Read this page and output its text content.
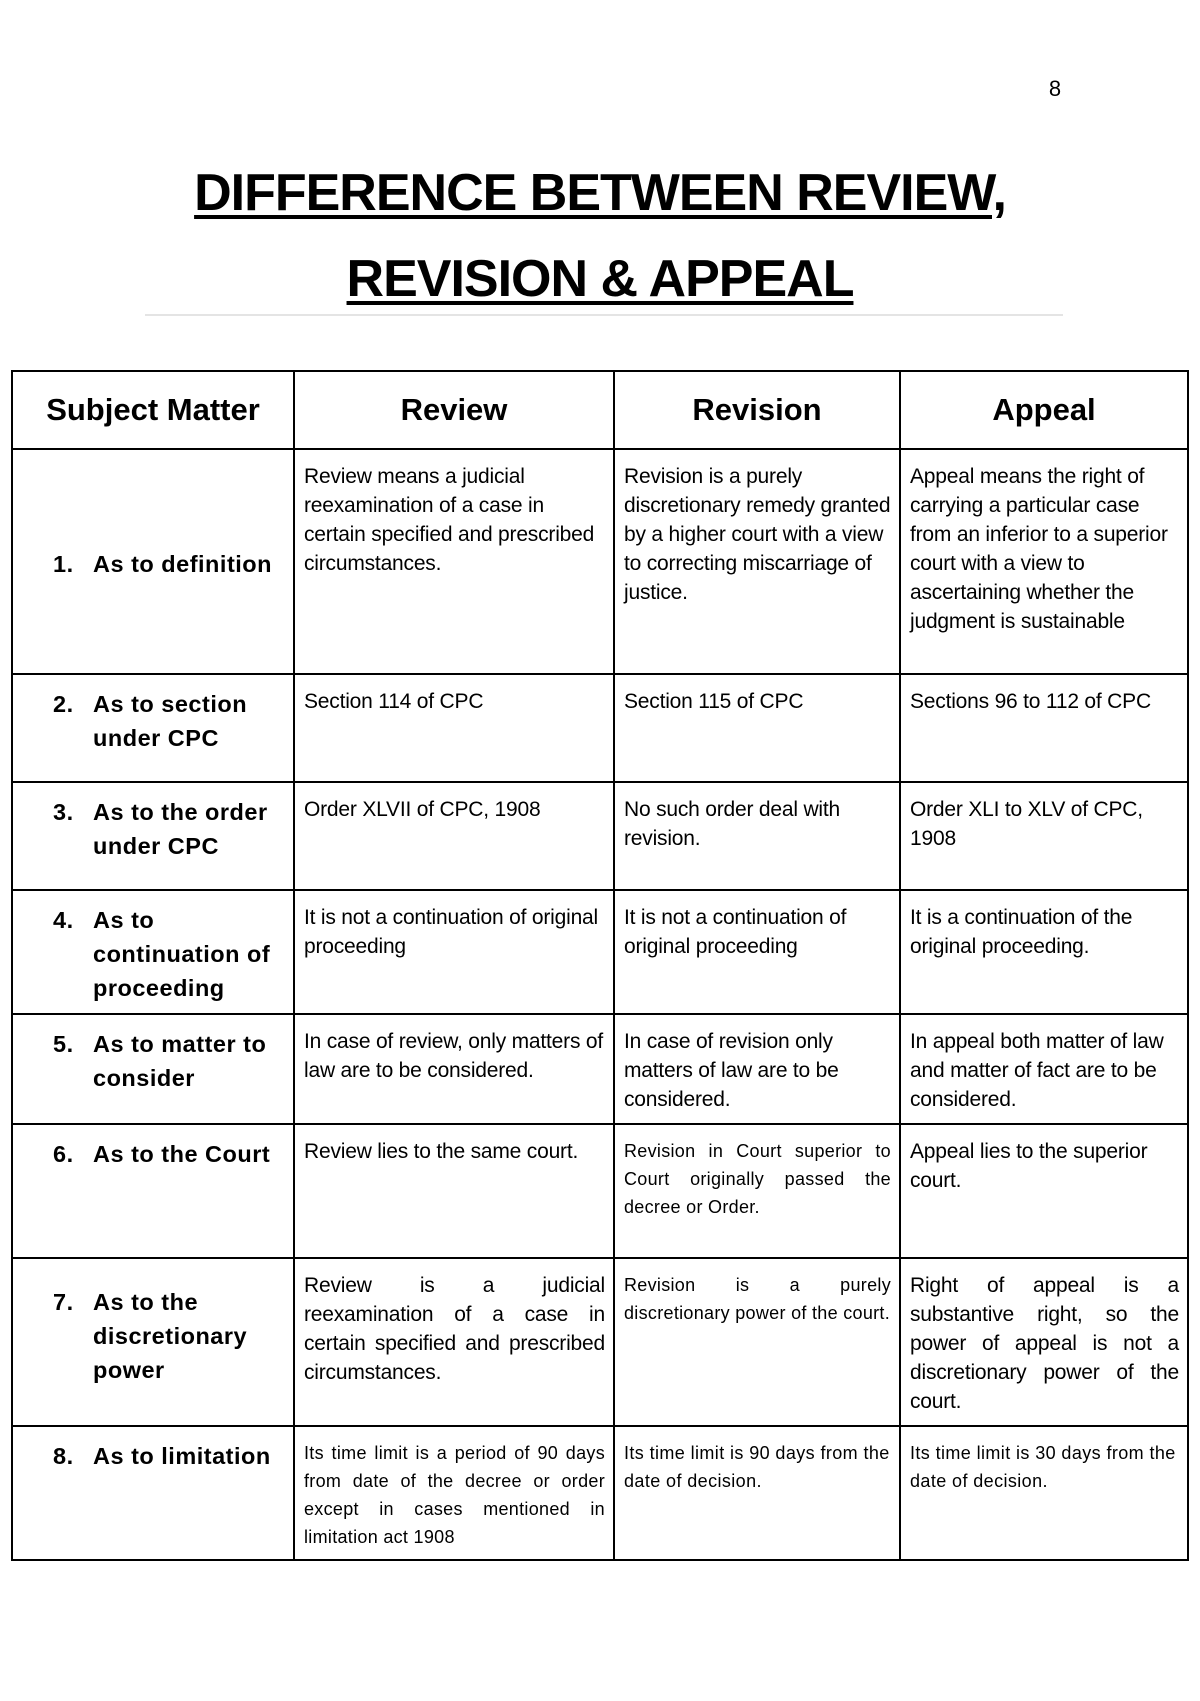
8
DIFFERENCE BETWEEN REVIEW,
REVISION & APPEAL
Subject Matter	Review	Revision	Appeal

1. As to definition	Review means a judicial reexamination of a case in certain specified and prescribed circumstances.	Revision is a purely discretionary remedy granted by a higher court with a view to correcting miscarriage of justice.	Appeal means the right of carrying a particular case from an inferior to a superior court with a view to ascertaining whether the judgment is sustainable

2. As to section under CPC	Section 114 of CPC	Section 115 of CPC	Sections 96 to 112 of CPC

3. As to the order under CPC	Order XLVII of CPC, 1908	No such order deal with revision.	Order XLI to XLV of CPC, 1908

4. As to continuation of proceeding	It is not a continuation of original proceeding	It is not a continuation of original proceeding	It is a continuation of the original proceeding.

5. As to matter to consider	In case of review, only matters of law are to be considered.	In case of revision only matters of law are to be considered.	In appeal both matter of law and matter of fact are to be considered.

6. As to the Court	Review lies to the same court.	Revision in Court superior to Court originally passed the decree or Order.	Appeal lies to the superior court.

7. As to the discretionary power	Review is a judicial reexamination of a case in certain specified and prescribed circumstances.	Revision is a purely discretionary power of the court.	Right of appeal is a substantive right, so the power of appeal is not a discretionary power of the court.

8. As to limitation	Its time limit is a period of 90 days from date of the decree or order except in cases mentioned in limitation act 1908	Its time limit is 90 days from the date of decision.	Its time limit is 30 days from the date of decision.
